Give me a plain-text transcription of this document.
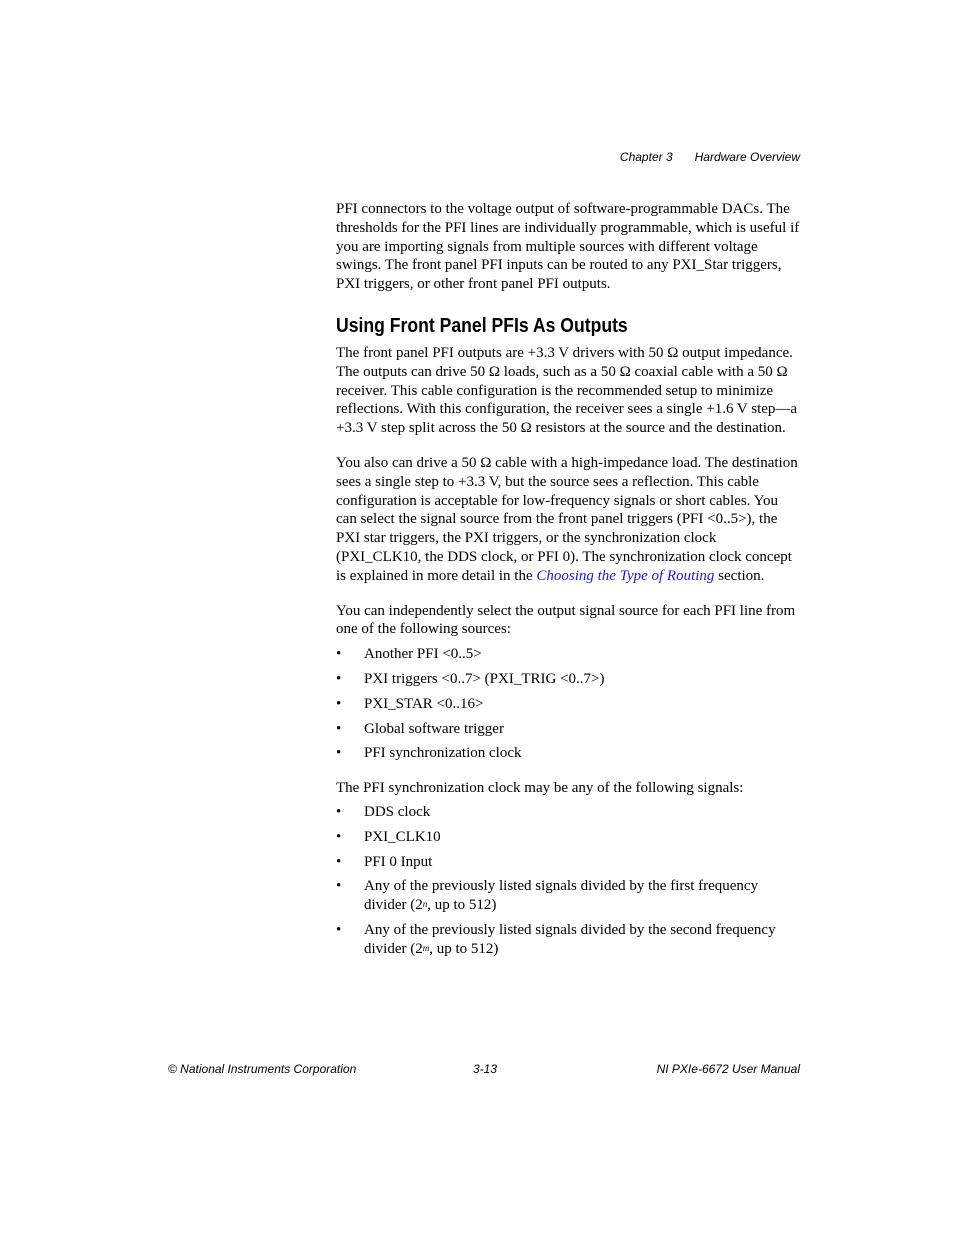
Chapter 3 Hardware Overview

PFI connectors to the voltage output of software-programmable DACs. The thresholds for the PFI lines are individually programmable, which is useful if you are importing signals from multiple sources with different voltage swings. The front panel PFI inputs can be routed to any PXI_Star triggers, PXI triggers, or other front panel PFI outputs.

Using Front Panel PFIs As Outputs

The front panel PFI outputs are +3.3 V drivers with 50 Ω output impedance. The outputs can drive 50 Ω loads, such as a 50 Ω coaxial cable with a 50 Ω receiver. This cable configuration is the recommended setup to minimize reflections. With this configuration, the receiver sees a single +1.6 V step—a +3.3 V step split across the 50 Ω resistors at the source and the destination.

You also can drive a 50 Ω cable with a high-impedance load. The destination sees a single step to +3.3 V, but the source sees a reflection. This cable configuration is acceptable for low-frequency signals or short cables. You can select the signal source from the front panel triggers (PFI <0..5>), the PXI star triggers, the PXI triggers, or the synchronization clock (PXI_CLK10, the DDS clock, or PFI 0). The synchronization clock concept is explained in more detail in the Choosing the Type of Routing section.

You can independently select the output signal source for each PFI line from one of the following sources:

• Another PFI <0..5>
• PXI triggers <0..7> (PXI_TRIG <0..7>)
• PXI_STAR <0..16>
• Global software trigger
• PFI synchronization clock

The PFI synchronization clock may be any of the following signals:

• DDS clock
• PXI_CLK10
• PFI 0 Input
• Any of the previously listed signals divided by the first frequency divider (2$^n$, up to 512)
• Any of the previously listed signals divided by the second frequency divider (2$^m$, up to 512)
© National Instruments Corporation	3-13	NI PXIe-6672 User Manual
